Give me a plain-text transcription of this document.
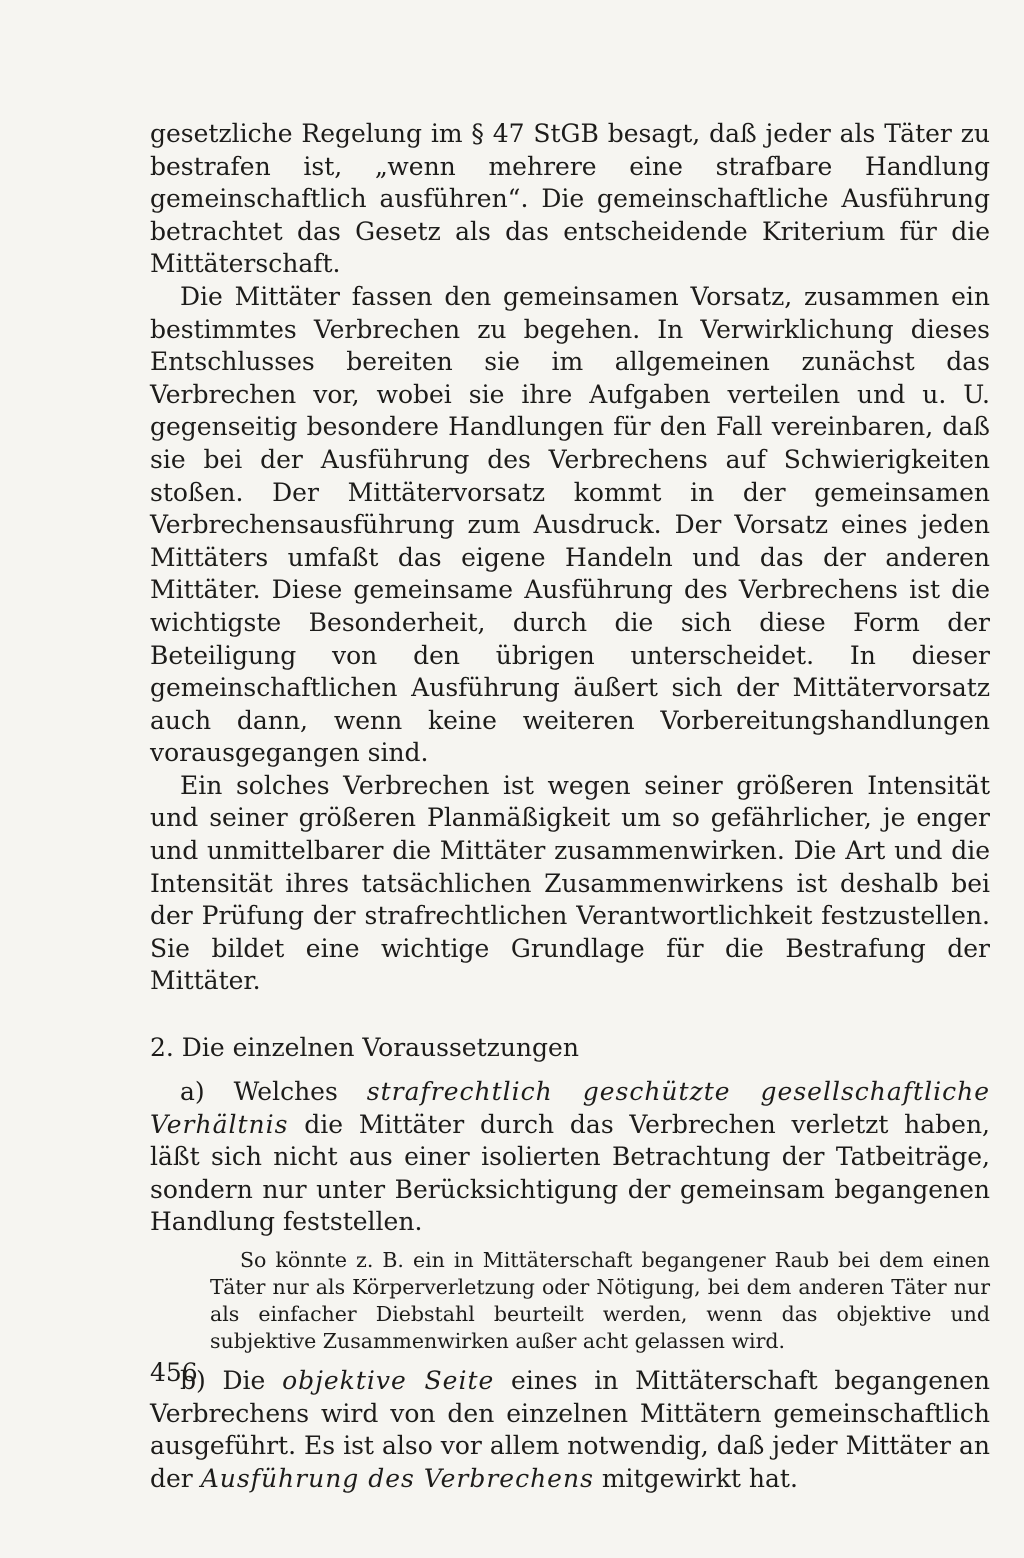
gesetzliche Regelung im § 47 StGB besagt, daß jeder als Täter zu bestrafen ist, „wenn mehrere eine strafbare Handlung gemeinschaftlich ausführen“. Die gemeinschaftliche Ausführung betrachtet das Gesetz als das entscheidende Kriterium für die Mittäterschaft.

Die Mittäter fassen den gemeinsamen Vorsatz, zusammen ein bestimmtes Verbrechen zu begehen. In Verwirklichung dieses Entschlusses bereiten sie im allgemeinen zunächst das Verbrechen vor, wobei sie ihre Aufgaben verteilen und u. U. gegenseitig besondere Handlungen für den Fall vereinbaren, daß sie bei der Ausführung des Verbrechens auf Schwierigkeiten stoßen. Der Mittätervorsatz kommt in der gemeinsamen Verbrechensausführung zum Ausdruck. Der Vorsatz eines jeden Mittäters umfaßt das eigene Handeln und das der anderen Mittäter. Diese gemeinsame Ausführung des Verbrechens ist die wichtigste Besonderheit, durch die sich diese Form der Beteiligung von den übrigen unterscheidet. In dieser gemeinschaftlichen Ausführung äußert sich der Mittätervorsatz auch dann, wenn keine weiteren Vorbereitungshandlungen vorausgegangen sind.

Ein solches Verbrechen ist wegen seiner größeren Intensität und seiner größeren Planmäßigkeit um so gefährlicher, je enger und unmittelbarer die Mittäter zusammenwirken. Die Art und die Intensität ihres tatsächlichen Zusammenwirkens ist deshalb bei der Prüfung der strafrechtlichen Verantwortlichkeit festzustellen. Sie bildet eine wichtige Grundlage für die Bestrafung der Mittäter.

2. Die einzelnen Voraussetzungen

a) Welches strafrechtlich geschützte gesellschaftliche Verhältnis die Mittäter durch das Verbrechen verletzt haben, läßt sich nicht aus einer isolierten Betrachtung der Tatbeiträge, sondern nur unter Berücksichtigung der gemeinsam begangenen Handlung feststellen.

So könnte z. B. ein in Mittäterschaft begangener Raub bei dem einen Täter nur als Körperverletzung oder Nötigung, bei dem anderen Täter nur als einfacher Diebstahl beurteilt werden, wenn das objektive und subjektive Zusammenwirken außer acht gelassen wird.

b) Die objektive Seite eines in Mittäterschaft begangenen Verbrechens wird von den einzelnen Mittätern gemeinschaftlich ausgeführt. Es ist also vor allem notwendig, daß jeder Mittäter an der Ausführung des Verbrechens mitgewirkt hat.

456
